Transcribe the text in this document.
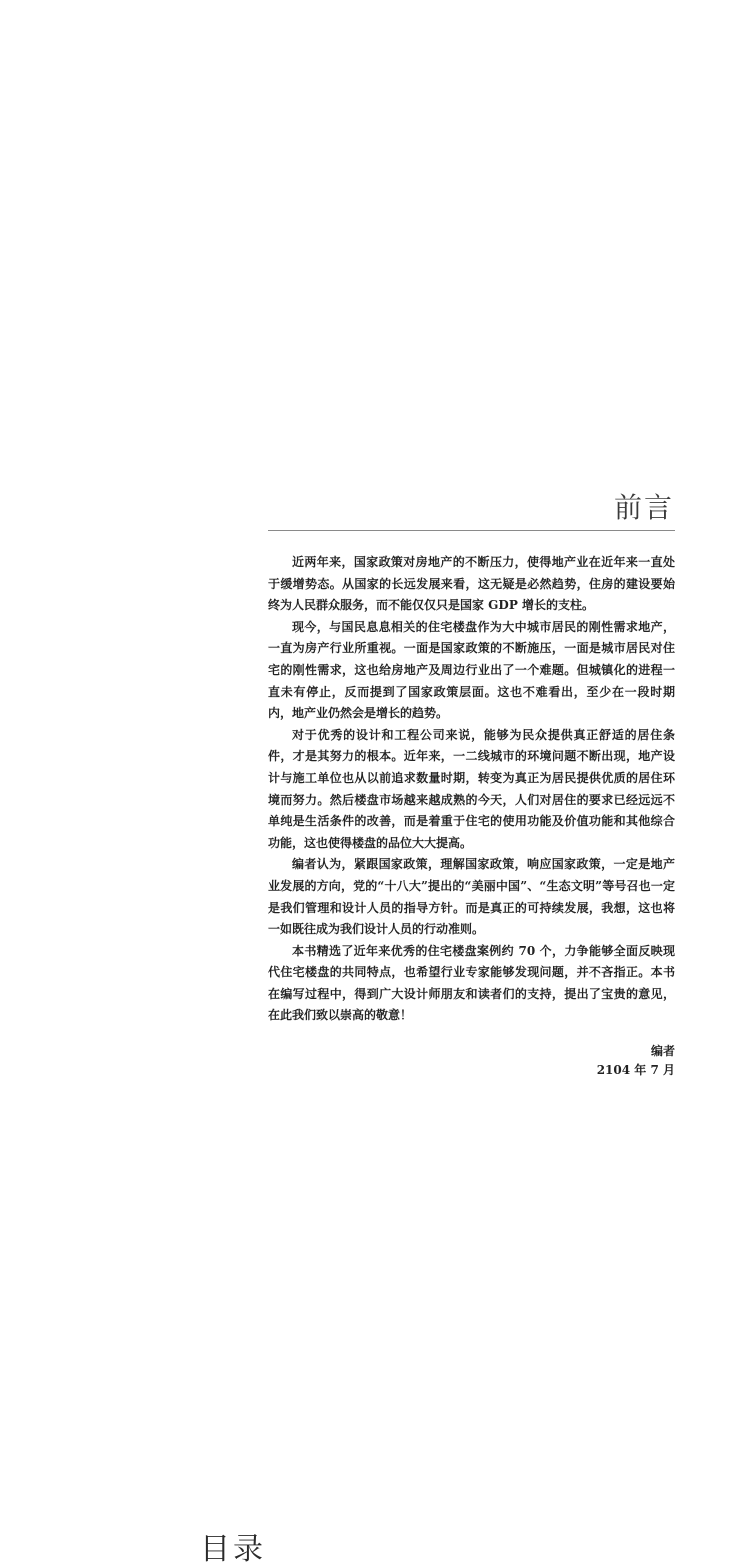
前言

近两年来，国家政策对房地产的不断压力，使得地产业在近年来一直处于缓增势态。从国家的长远发展来看，这无疑是必然趋势，住房的建设要始终为人民群众服务，而不能仅仅只是国家 GDP 增长的支柱。

现今，与国民息息相关的住宅楼盘作为大中城市居民的刚性需求地产，一直为房产行业所重视。一面是国家政策的不断施压，一面是城市居民对住宅的刚性需求，这也给房地产及周边行业出了一个难题。但城镇化的进程一直未有停止，反而提到了国家政策层面。这也不难看出，至少在一段时期内，地产业仍然会是增长的趋势。

对于优秀的设计和工程公司来说，能够为民众提供真正舒适的居住条件，才是其努力的根本。近年来，一二线城市的环境问题不断出现，地产设计与施工单位也从以前追求数量时期，转变为真正为居民提供优质的居住环境而努力。然后楼盘市场越来越成熟的今天，人们对居住的要求已经远远不单纯是生活条件的改善，而是着重于住宅的使用功能及价值功能和其他综合功能，这也使得楼盘的品位大大提高。

编者认为，紧跟国家政策，理解国家政策，响应国家政策，一定是地产业发展的方向，党的“十八大”提出的“美丽中国”、“生态文明”等号召也一定是我们管理和设计人员的指导方针。而是真正的可持续发展，我想，这也将一如既往成为我们设计人员的行动准则。

本书精选了近年来优秀的住宅楼盘案例约 70 个，力争能够全面反映现代住宅楼盘的共同特点，也希望行业专家能够发现问题，并不吝指正。本书在编写过程中，得到广大设计师朋友和读者们的支持，提出了宝贵的意见，在此我们致以崇高的敬意！

编者
2104 年 7 月
目录
